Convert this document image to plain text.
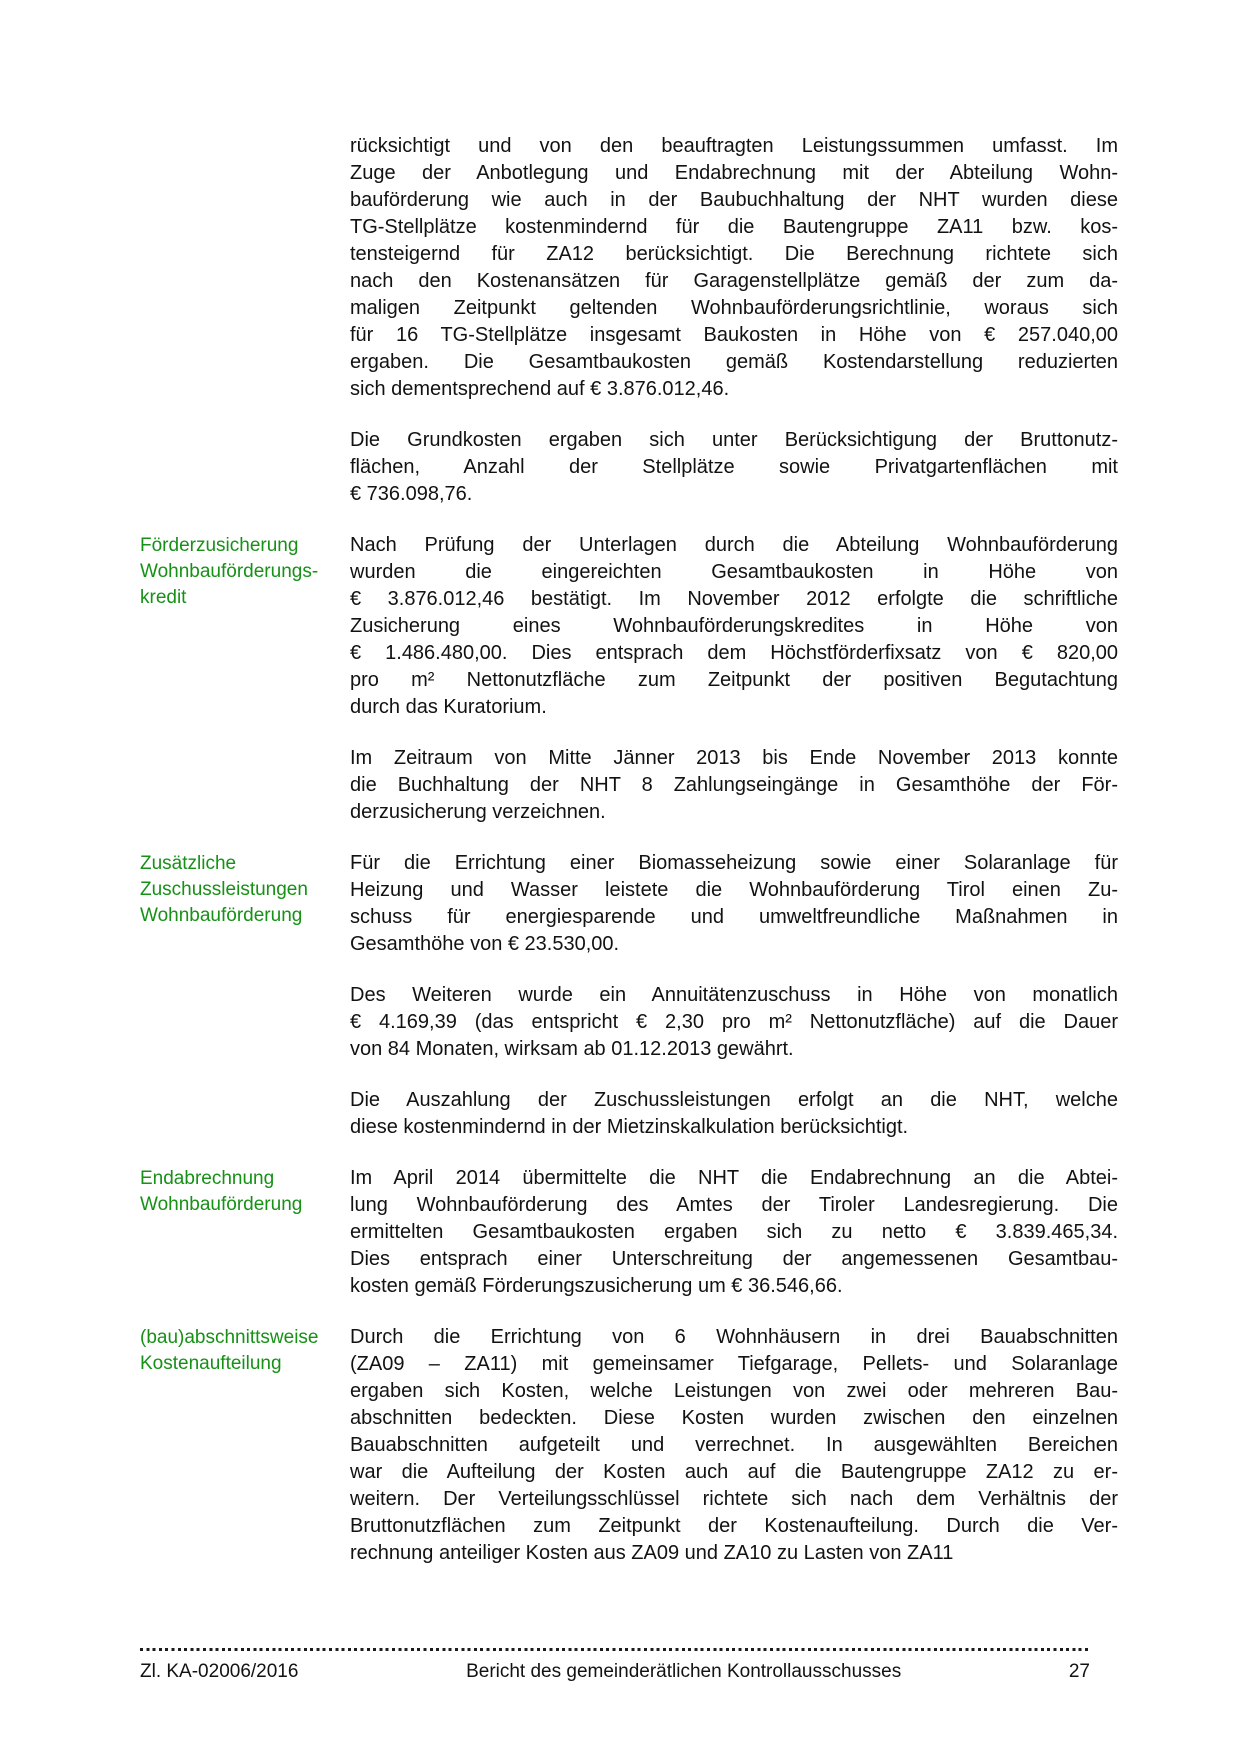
rücksichtigt und von den beauftragten Leistungssummen umfasst. Im
Zuge der Anbotlegung und Endabrechnung mit der Abteilung Wohn-
bauförderung wie auch in der Baubuchhaltung der NHT wurden diese
TG-Stellplätze kostenmindernd für die Bautengruppe ZA11 bzw. kos-
tensteigernd für ZA12 berücksichtigt. Die Berechnung richtete sich
nach den Kostenansätzen für Garagenstellplätze gemäß der zum da-
maligen Zeitpunkt geltenden Wohnbauförderungsrichtlinie, woraus sich
für 16 TG-Stellplätze insgesamt Baukosten in Höhe von € 257.040,00
ergaben. Die Gesamtbaukosten gemäß Kostendarstellung reduzierten
sich dementsprechend auf € 3.876.012,46.
Die Grundkosten ergaben sich unter Berücksichtigung der Bruttonutz-
flächen, Anzahl der Stellplätze sowie Privatgartenflächen mit
€ 736.098,76.
Förderzusicherung
Wohnbauförderungs-
kredit
Nach Prüfung der Unterlagen durch die Abteilung Wohnbauförderung
wurden die eingereichten Gesamtbaukosten in Höhe von
€ 3.876.012,46 bestätigt. Im November 2012 erfolgte die schriftliche
Zusicherung eines Wohnbauförderungskredites in Höhe von
€ 1.486.480,00. Dies entsprach dem Höchstförderfixsatz von € 820,00
pro m² Nettonutzfläche zum Zeitpunkt der positiven Begutachtung
durch das Kuratorium.
Im Zeitraum von Mitte Jänner 2013 bis Ende November 2013 konnte
die Buchhaltung der NHT 8 Zahlungseingänge in Gesamthöhe der För-
derzusicherung verzeichnen.
Zusätzliche
Zuschussleistungen
Wohnbauförderung
Für die Errichtung einer Biomasseheizung sowie einer Solaranlage für
Heizung und Wasser leistete die Wohnbauförderung Tirol einen Zu-
schuss für energiesparende und umweltfreundliche Maßnahmen in
Gesamthöhe von € 23.530,00.
Des Weiteren wurde ein Annuitätenzuschuss in Höhe von monatlich
€ 4.169,39 (das entspricht € 2,30 pro m² Nettonutzfläche) auf die Dauer
von 84 Monaten, wirksam ab 01.12.2013 gewährt.
Die Auszahlung der Zuschussleistungen erfolgt an die NHT, welche
diese kostenmindernd in der Mietzinskalkulation berücksichtigt.
Endabrechnung
Wohnbauförderung
Im April 2014 übermittelte die NHT die Endabrechnung an die Abtei-
lung Wohnbauförderung des Amtes der Tiroler Landesregierung. Die
ermittelten Gesamtbaukosten ergaben sich zu netto € 3.839.465,34.
Dies entsprach einer Unterschreitung der angemessenen Gesamtbau-
kosten gemäß Förderungszusicherung um € 36.546,66.
(bau)abschnittsweise
Kostenaufteilung
Durch die Errichtung von 6 Wohnhäusern in drei Bauabschnitten
(ZA09 – ZA11) mit gemeinsamer Tiefgarage, Pellets- und Solaranlage
ergaben sich Kosten, welche Leistungen von zwei oder mehreren Bau-
abschnitten bedeckten. Diese Kosten wurden zwischen den einzelnen
Bauabschnitten aufgeteilt und verrechnet. In ausgewählten Bereichen
war die Aufteilung der Kosten auch auf die Bautengruppe ZA12 zu er-
weitern. Der Verteilungsschlüssel richtete sich nach dem Verhältnis der
Bruttonutzflächen zum Zeitpunkt der Kostenaufteilung. Durch die Ver-
rechnung anteiliger Kosten aus ZA09 und ZA10 zu Lasten von ZA11
Zl. KA-02006/2016	Bericht des gemeinderätlichen Kontrollausschusses	27
